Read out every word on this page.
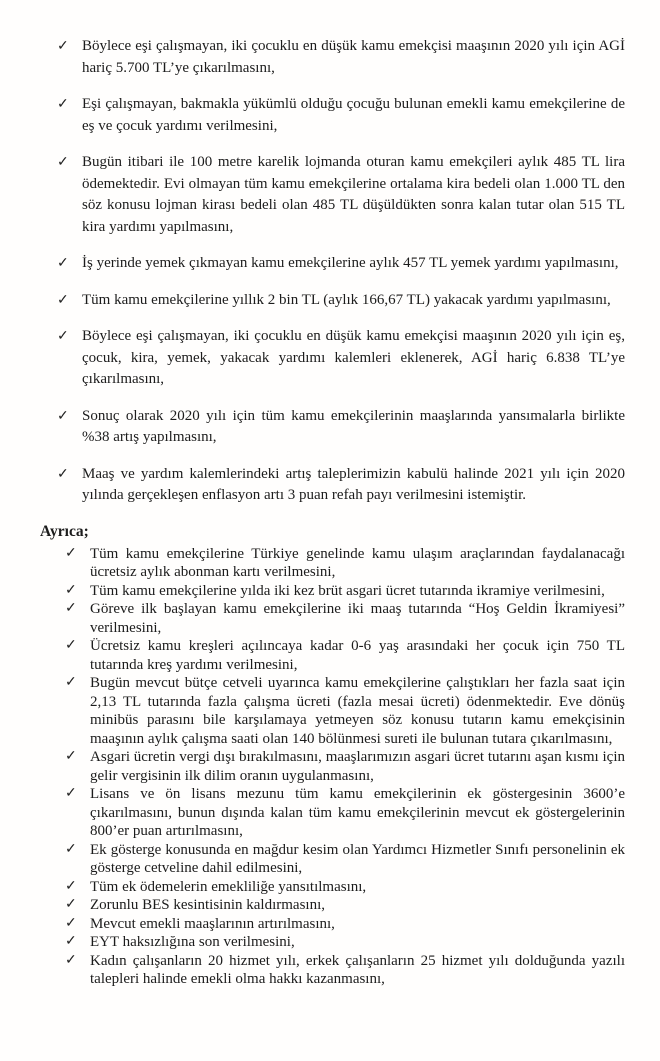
✓ Böylece eşi çalışmayan, iki çocuklu en düşük kamu emekçisi maaşının 2020 yılı için AGİ hariç 5.700 TL’ye çıkarılmasını,
✓ Eşi çalışmayan, bakmakla yükümlü olduğu çocuğu bulunan emekli kamu emekçilerine de eş ve çocuk yardımı verilmesini,
✓ Bugün itibari ile 100 metre karelik lojmanda oturan kamu emekçileri aylık 485 TL lira ödemektedir. Evi olmayan tüm kamu emekçilerine ortalama kira bedeli olan 1.000 TL den söz konusu lojman kirası bedeli olan 485 TL düşüldükten sonra kalan tutar olan 515 TL kira yardımı yapılmasını,
✓ İş yerinde yemek çıkmayan kamu emekçilerine aylık 457 TL yemek yardımı yapılmasını,
✓ Tüm kamu emekçilerine yıllık 2 bin TL (aylık 166,67 TL) yakacak yardımı yapılmasını,
✓ Böylece eşi çalışmayan, iki çocuklu en düşük kamu emekçisi maaşının 2020 yılı için eş, çocuk, kira, yemek, yakacak yardımı kalemleri eklenerek, AGİ hariç 6.838 TL’ye çıkarılmasını,
✓ Sonuç olarak 2020 yılı için tüm kamu emekçilerinin maaşlarında yansımalarla birlikte %38 artış yapılmasını,
✓ Maaş ve yardım kalemlerindeki artış taleplerimizin kabulü halinde 2021 yılı için 2020 yılında gerçekleşen enflasyon artı 3 puan refah payı verilmesini istemiştir.
Ayrıca;
✓ Tüm kamu emekçilerine Türkiye genelinde kamu ulaşım araçlarından faydalanacağı ücretsiz aylık abonman kartı verilmesini,
✓ Tüm kamu emekçilerine yılda iki kez brüt asgari ücret tutarında ikramiye verilmesini,
✓ Göreve ilk başlayan kamu emekçilerine iki maaş tutarında “Hoş Geldin İkramiyesi” verilmesini,
✓ Ücretsiz kamu kreşleri açılıncaya kadar 0-6 yaş arasındaki her çocuk için 750 TL tutarında kreş yardımı verilmesini,
✓ Bugün mevcut bütçe cetveli uyarınca kamu emekçilerine çalıştıkları her fazla saat için 2,13 TL tutarında fazla çalışma ücreti (fazla mesai ücreti) ödenmektedir. Eve dönüş minibüs parasını bile karşılamaya yetmeyen söz konusu tutarın kamu emekçisinin maaşının aylık çalışma saati olan 140 bölünmesi sureti ile bulunan tutara çıkarılmasını,
✓ Asgari ücretin vergi dışı bırakılmasını, maaşlarımızın asgari ücret tutarını aşan kısmı için gelir vergisinin ilk dilim oranın uygulanmasını,
✓ Lisans ve ön lisans mezunu tüm kamu emekçilerinin ek göstergesinin 3600’e çıkarılmasını, bunun dışında kalan tüm kamu emekçilerinin mevcut ek göstergelerinin 800’er puan artırılmasını,
✓ Ek gösterge konusunda en mağdur kesim olan Yardımcı Hizmetler Sınıfı personelinin ek gösterge cetveline dahil edilmesini,
✓ Tüm ek ödemelerin emekliliğe yansıtılmasını,
✓ Zorunlu BES kesintisinin kaldırmasını,
✓ Mevcut emekli maaşlarının artırılmasını,
✓ EYT haksızlığına son verilmesini,
✓ Kadın çalışanların 20 hizmet yılı, erkek çalışanların 25 hizmet yılı dolduğunda yazılı talepleri halinde emekli olma hakkı kazanmasını,
